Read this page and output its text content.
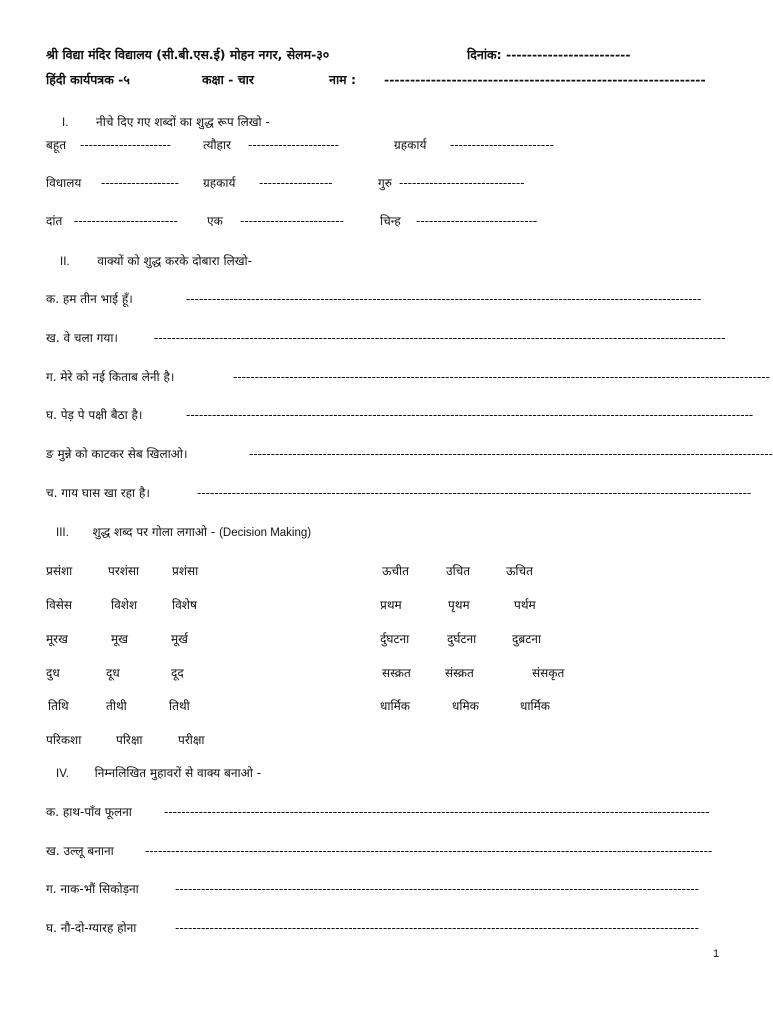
श्री विद्या मंदिर विद्यालय (सी.बी.एस.ई) मोहन नगर, सेलम-३०	दिनांक: ------------------------
हिंदी कार्यपत्रक -५	कक्षा - चार	नाम : --------------------------------------------------------------
I. नीचे दिए गए शब्दों का शुद्ध रूप लिखो -
बहूत ---------------------	त्यौहार ---------------------	ग्रहकार्य ------------------------
विधालय ------------------	ग्रहकार्य -----------------	गुरु -----------------------------
दांत ------------------------	एक ------------------------	चिन्ह ----------------------------
II. वाक्यों को शुद्ध करके दोबारा लिखो-
क. हम तीन भाई हूँ।	-----------------------------------------------------------------------------------------------------------------------
ख. वे चला गया।	------------------------------------------------------------------------------------------------------------------------------------
ग. मेरे को नई किताब लेनी है।	----------------------------------------------------------------------------------------------------------------------------
घ. पेड़ पे पक्षी बैठा है।	-----------------------------------------------------------------------------------------------------------------------------------
ङ मुन्ने को काटकर सेब खिलाओ।	-------------------------------------------------------------------------------------------------------------------------
च. गाय घास खा रहा है।	--------------------------------------------------------------------------------------------------------------------------------
III. शुद्ध शब्द पर गोला लगाओ - (Decision Making)
प्रसंशा	परशंसा	प्रशंसा	ऊचीत	उचित	ऊचित
विसेस	विशेश	विशेष	प्रथम	पृथम	पर्थम
मूरख	मूख	मूर्ख	र्दुघटना	दुर्घटना	दुब्रटना
दुध	दूध	दूद	सस्क्रत	संस्क्रत	संसकृत
तिथि	तीथी	तिथी	धार्मिक	धमिक	धार्मिक
परिकशा	परिक्षा	परीक्षा
IV. निम्नलिखित मुहावरों से वाक्य बनाओ -
क. हाथ-पाँव फूलना	------------------------------------------------------------------------------------------------------------------------------
ख. उल्लू बनाना	-----------------------------------------------------------------------------------------------------------------------------------
ग. नाक-भौं सिकोड़ना	-------------------------------------------------------------------------------------------------------------------------
घ. नौ-दो-ग्यारह होना	-------------------------------------------------------------------------------------------------------------------------
1
